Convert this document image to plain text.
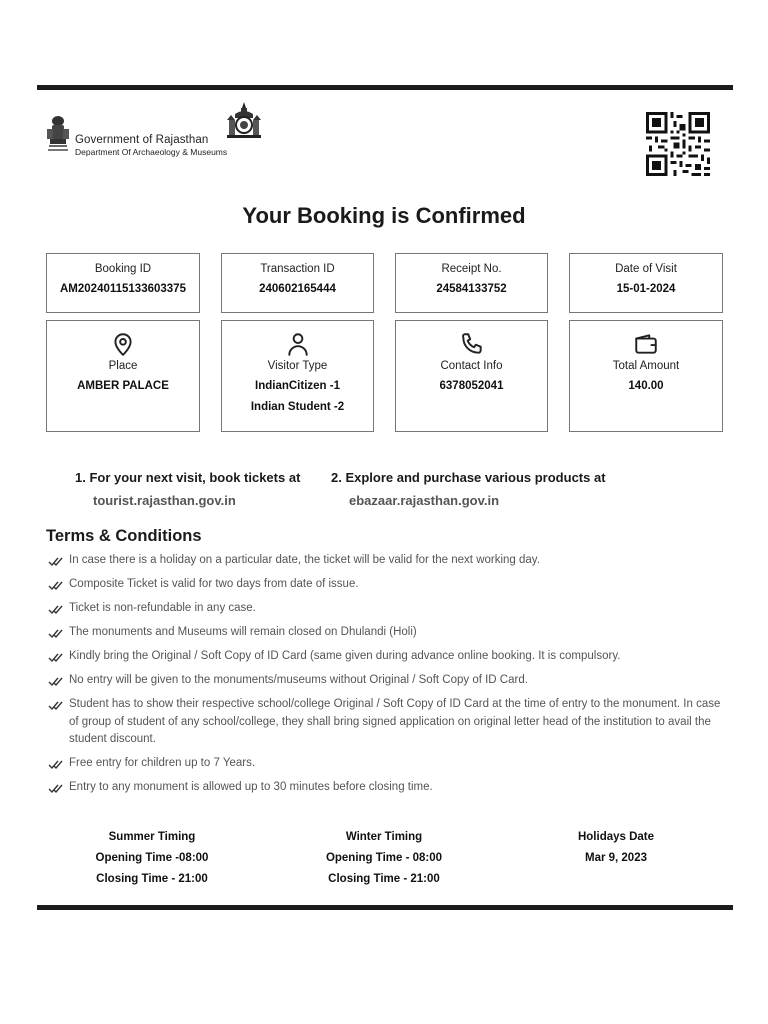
Government of Rajasthan
Department Of Archaeology & Museums
Your Booking is Confirmed
Booking ID
AM20240115133603375
Transaction ID
240602165444
Receipt No.
24584133752
Date of Visit
15-01-2024
Place
AMBER PALACE
Visitor Type
IndianCitizen -1
Indian Student -2
Contact Info
6378052041
Total Amount
140.00
1. For your next visit, book tickets at
tourist.rajasthan.gov.in
2. Explore and purchase various products at
ebazaar.rajasthan.gov.in
Terms & Conditions
In case there is a holiday on a particular date, the ticket will be valid for the next working day.
Composite Ticket is valid for two days from date of issue.
Ticket is non-refundable in any case.
The monuments and Museums will remain closed on Dhulandi (Holi)
Kindly bring the Original / Soft Copy of ID Card (same given during advance online booking. It is compulsory.
No entry will be given to the monuments/museums without Original / Soft Copy of ID Card.
Student has to show their respective school/college Original / Soft Copy of ID Card at the time of entry to the monument. In case of group of student of any school/college, they shall bring signed application on original letter head of the institution to avail the student discount.
Free entry for children up to 7 Years.
Entry to any monument is allowed up to 30 minutes before closing time.
Summer Timing
Opening Time -08:00
Closing Time - 21:00
Winter Timing
Opening Time - 08:00
Closing Time - 21:00
Holidays Date
Mar 9, 2023
